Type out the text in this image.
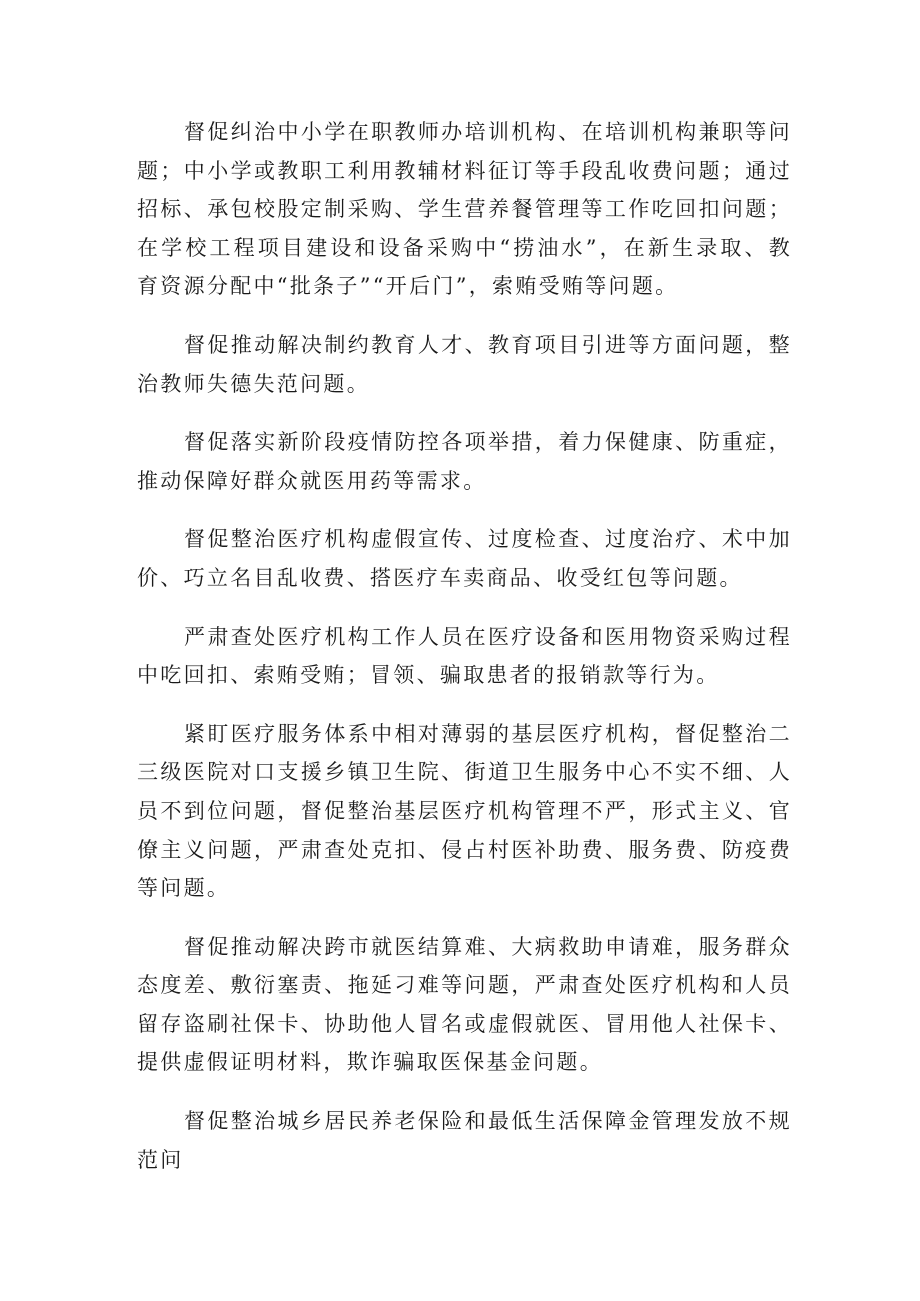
督促纠治中小学在职教师办培训机构、在培训机构兼职等问题；中小学或教职工利用教辅材料征订等手段乱收费问题；通过招标、承包校股定制采购、学生营养餐管理等工作吃回扣问题；在学校工程项目建设和设备采购中“捞油水”，在新生录取、教育资源分配中“批条子”“开后门”，索贿受贿等问题。

督促推动解决制约教育人才、教育项目引进等方面问题，整治教师失德失范问题。

督促落实新阶段疫情防控各项举措，着力保健康、防重症，推动保障好群众就医用药等需求。

督促整治医疗机构虚假宣传、过度检查、过度治疗、术中加价、巧立名目乱收费、搭医疗车卖商品、收受红包等问题。

严肃查处医疗机构工作人员在医疗设备和医用物资采购过程中吃回扣、索贿受贿；冒领、骗取患者的报销款等行为。

紧盯医疗服务体系中相对薄弱的基层医疗机构，督促整治二三级医院对口支援乡镇卫生院、街道卫生服务中心不实不细、人员不到位问题，督促整治基层医疗机构管理不严，形式主义、官僚主义问题，严肃查处克扣、侵占村医补助费、服务费、防疫费等问题。

督促推动解决跨市就医结算难、大病救助申请难，服务群众态度差、敷衍塞责、拖延刁难等问题，严肃查处医疗机构和人员留存盗刷社保卡、协助他人冒名或虚假就医、冒用他人社保卡、提供虚假证明材料，欺诈骗取医保基金问题。

督促整治城乡居民养老保险和最低生活保障金管理发放不规范问
